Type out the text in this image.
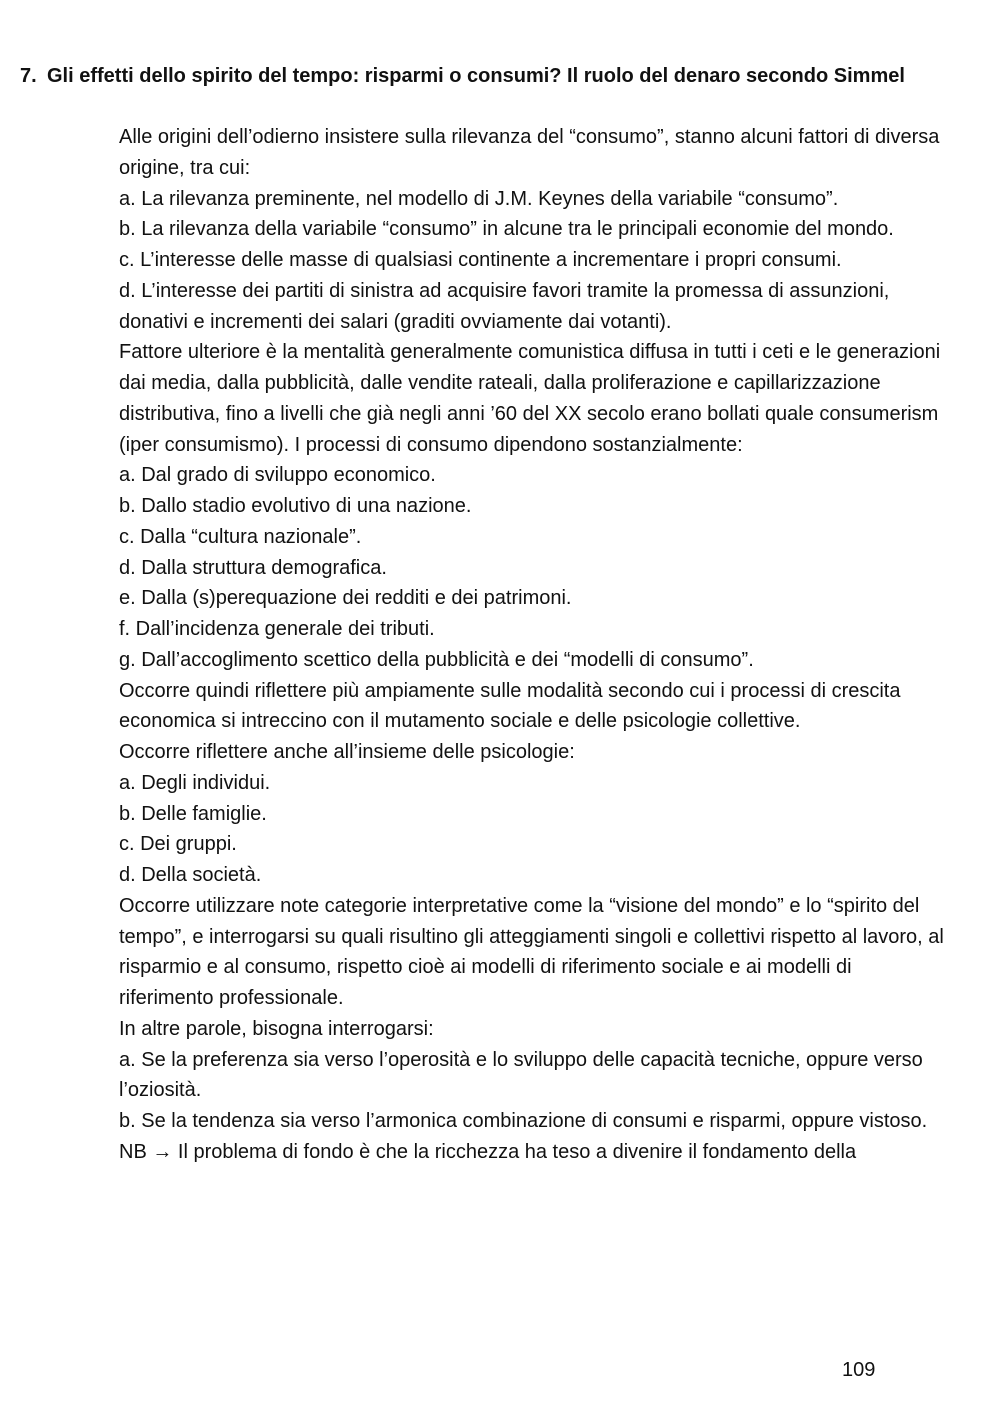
7. Gli effetti dello spirito del tempo: risparmi o consumi? Il ruolo del denaro secondo Simmel

Alle origini dell’odierno insistere sulla rilevanza del “consumo”, stanno alcuni fattori di diversa origine, tra cui:

a. La rilevanza preminente, nel modello di J.M. Keynes della variabile “consumo”.

b. La rilevanza della variabile “consumo” in alcune tra le principali economie del mondo.

c. L’interesse delle masse di qualsiasi continente a incrementare i propri consumi.

d. L’interesse dei partiti di sinistra ad acquisire favori tramite la promessa di assunzioni,

donativi e incrementi dei salari (graditi ovviamente dai votanti).

Fattore ulteriore è la mentalità generalmente comunistica diffusa in tutti i ceti e le generazioni dai media, dalla pubblicità, dalle vendite rateali, dalla proliferazione e capillarizzazione distributiva, fino a livelli che già negli anni ’60 del XX secolo erano bollati quale consumerism (iper consumismo). I processi di consumo dipendono sostanzialmente:

a. Dal grado di sviluppo economico.

b. Dallo stadio evolutivo di una nazione.

c. Dalla “cultura nazionale”.

d. Dalla struttura demografica.

e. Dalla (s)perequazione dei redditi e dei patrimoni.

f. Dall’incidenza generale dei tributi.

g. Dall’accoglimento scettico della pubblicità e dei “modelli di consumo”.

Occorre quindi riflettere più ampiamente sulle modalità secondo cui i processi di crescita economica si intreccino con il mutamento sociale e delle psicologie collettive.

Occorre riflettere anche all’insieme delle psicologie:

a. Degli individui.

b. Delle famiglie.

c. Dei gruppi.

d. Della società.

Occorre utilizzare note categorie interpretative come la “visione del mondo” e lo “spirito del tempo”, e interrogarsi su quali risultino gli atteggiamenti singoli e collettivi rispetto al lavoro, al risparmio e al consumo, rispetto cioè ai modelli di riferimento sociale e ai modelli di riferimento professionale.

In altre parole, bisogna interrogarsi:

a. Se la preferenza sia verso l’operosità e lo sviluppo delle capacità tecniche, oppure verso l’oziosità.

b. Se la tendenza sia verso l’armonica combinazione di consumi e risparmi, oppure vistoso.

NB → Il problema di fondo è che la ricchezza ha teso a divenire il fondamento della

109
